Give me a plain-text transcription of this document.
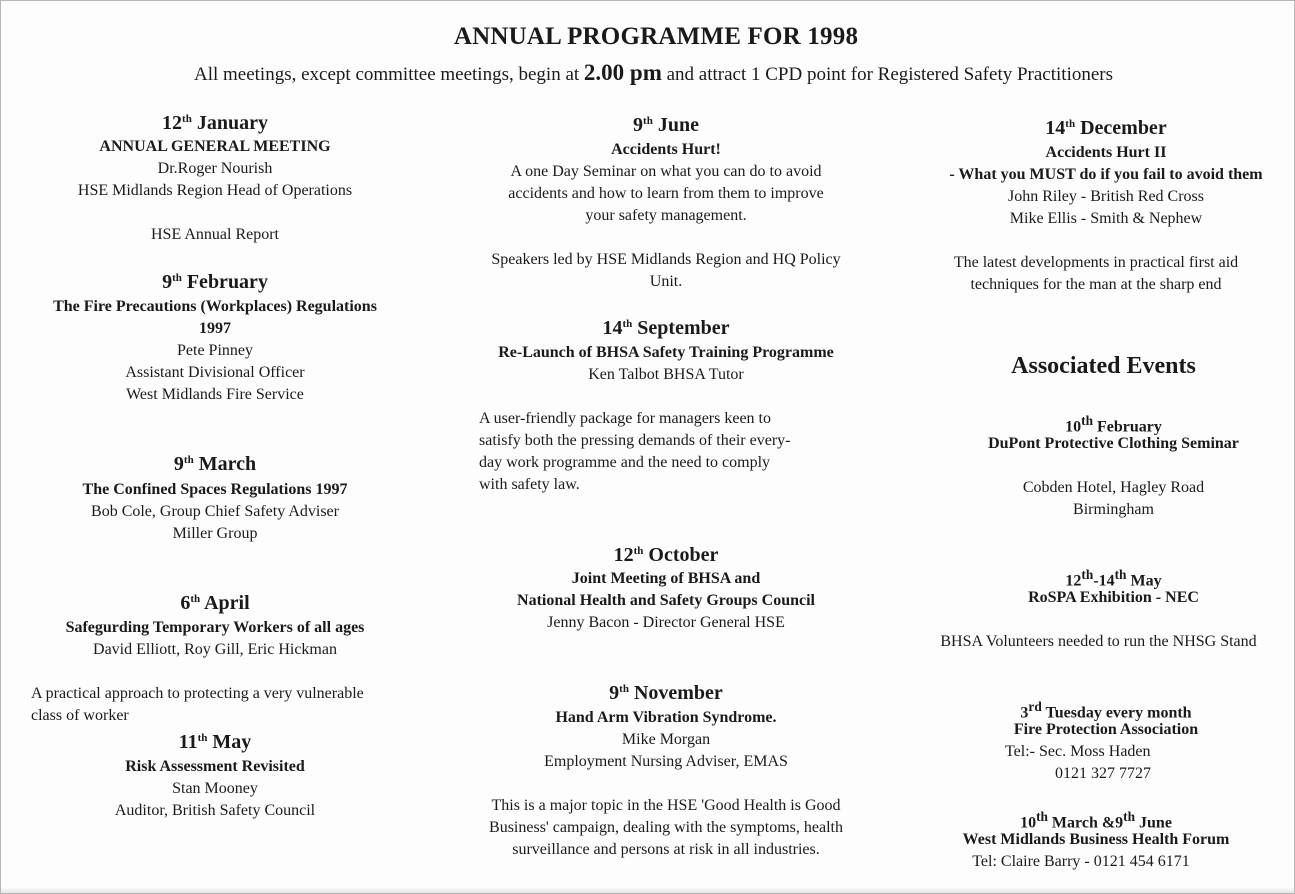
ANNUAL PROGRAMME FOR 1998
All meetings, except committee meetings, begin at 2.00 pm and attract 1 CPD point for Registered Safety Practitioners
12th January
ANNUAL GENERAL MEETING
Dr.Roger Nourish
HSE Midlands Region Head of Operations
HSE Annual Report
9th February
The Fire Precautions (Workplaces) Regulations
1997
Pete Pinney
Assistant Divisional Officer
West Midlands Fire Service
9th March
The Confined Spaces Regulations 1997
Bob Cole, Group Chief Safety Adviser
Miller Group
6th April
Safegurding Temporary Workers of all ages
David Elliott, Roy Gill, Eric Hickman
A practical approach to protecting a very vulnerable
class of worker
11th May
Risk Assessment Revisited
Stan Mooney
Auditor, British Safety Council
9th June
Accidents Hurt!
A one Day Seminar on what you can do to avoid
accidents and how to learn from them to improve
your safety management.
Speakers led by HSE Midlands Region and HQ Policy
Unit.
14th September
Re-Launch of BHSA Safety Training Programme
Ken Talbot BHSA Tutor
A user-friendly package for managers keen to
satisfy both the pressing demands of their every-
day work programme and the need to comply
with safety law.
12th October
Joint Meeting of BHSA and
National Health and Safety Groups Council
Jenny Bacon - Director General HSE
9th November
Hand Arm Vibration Syndrome.
Mike Morgan
Employment Nursing Adviser, EMAS
This is a major topic in the HSE 'Good Health is Good
Business' campaign, dealing with the symptoms, health
surveillance and persons at risk in all industries.
14th December
Accidents Hurt II
- What you MUST do if you fail to avoid them
John Riley - British Red Cross
Mike Ellis - Smith & Nephew
The latest developments in practical first aid
techniques for the man at the sharp end
Associated Events
10th February
DuPont Protective Clothing Seminar
Cobden Hotel, Hagley Road
Birmingham
12th-14th May
RoSPA Exhibition - NEC
BHSA Volunteers needed to run the NHSG Stand
3rd Tuesday every month
Fire Protection Association
Tel:- Sec. Moss Haden
0121 327 7727
10th March &9th June
West Midlands Business Health Forum
Tel: Claire Barry - 0121 454 6171
